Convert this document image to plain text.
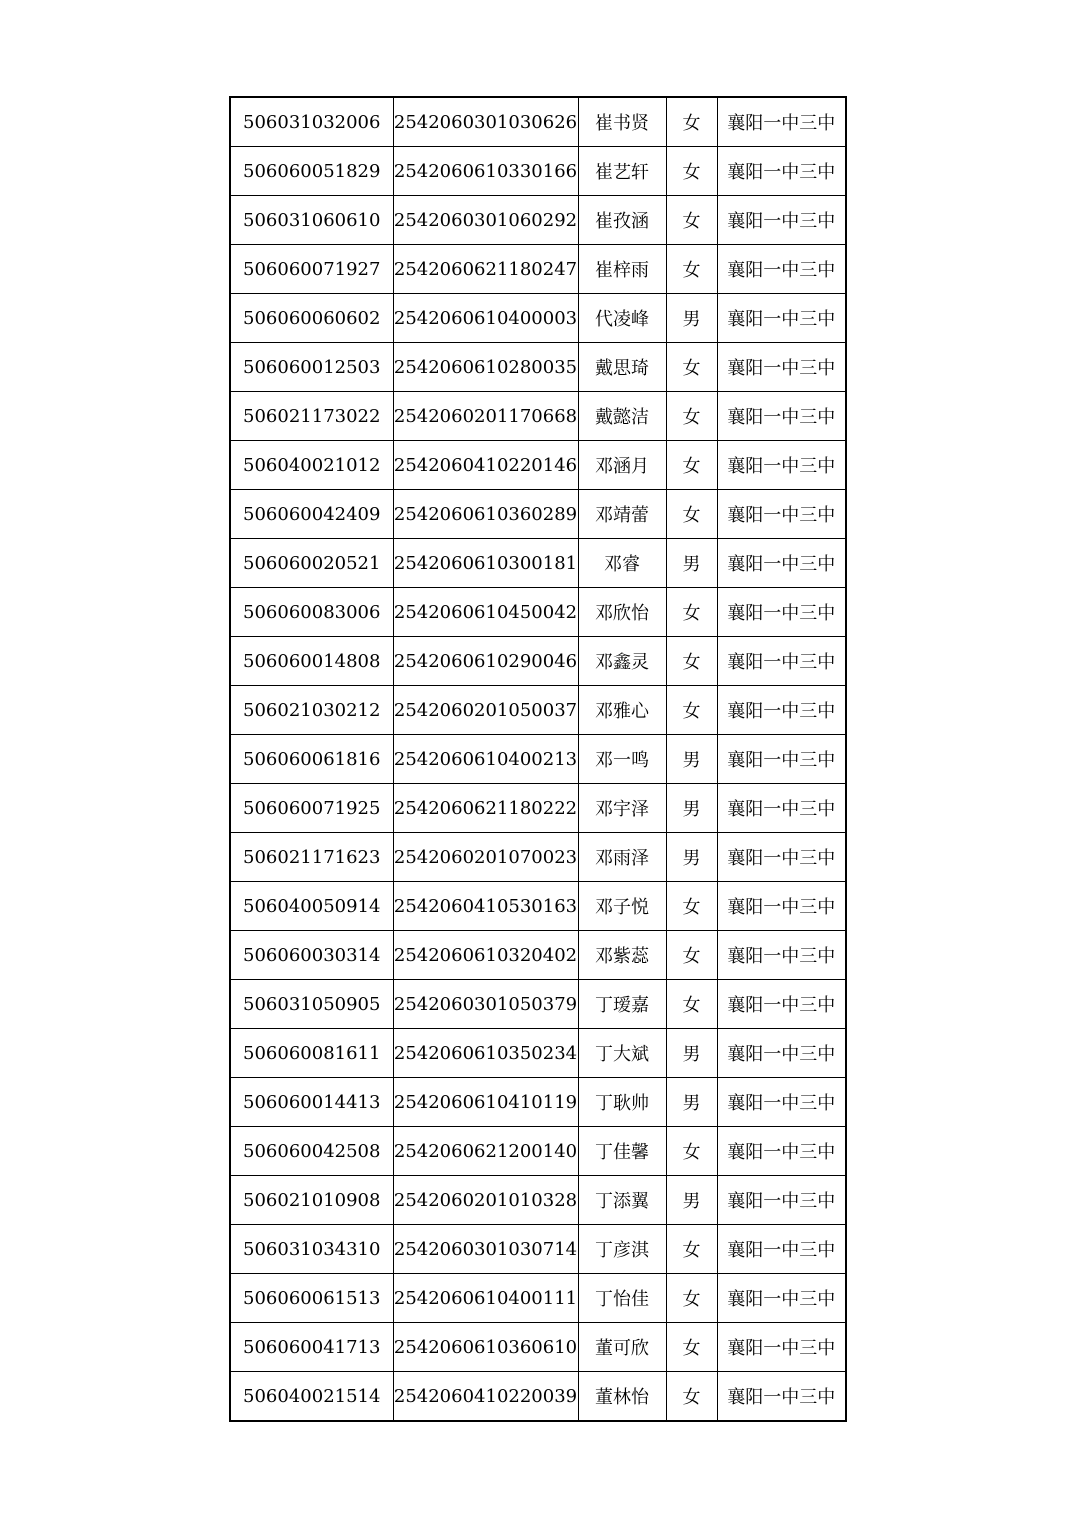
506031032006	2542060301030626	崔书贤	女	襄阳一中三中
506060051829	2542060610330166	崔艺轩	女	襄阳一中三中
506031060610	2542060301060292	崔孜涵	女	襄阳一中三中
506060071927	2542060621180247	崔梓雨	女	襄阳一中三中
506060060602	2542060610400003	代凌峰	男	襄阳一中三中
506060012503	2542060610280035	戴思琦	女	襄阳一中三中
506021173022	2542060201170668	戴懿洁	女	襄阳一中三中
506040021012	2542060410220146	邓涵月	女	襄阳一中三中
506060042409	2542060610360289	邓靖蕾	女	襄阳一中三中
506060020521	2542060610300181	邓睿	男	襄阳一中三中
506060083006	2542060610450042	邓欣怡	女	襄阳一中三中
506060014808	2542060610290046	邓鑫灵	女	襄阳一中三中
506021030212	2542060201050037	邓雅心	女	襄阳一中三中
506060061816	2542060610400213	邓一鸣	男	襄阳一中三中
506060071925	2542060621180222	邓宇泽	男	襄阳一中三中
506021171623	2542060201070023	邓雨泽	男	襄阳一中三中
506040050914	2542060410530163	邓子悦	女	襄阳一中三中
506060030314	2542060610320402	邓紫蕊	女	襄阳一中三中
506031050905	2542060301050379	丁瑷嘉	女	襄阳一中三中
506060081611	2542060610350234	丁大斌	男	襄阳一中三中
506060014413	2542060610410119	丁耿帅	男	襄阳一中三中
506060042508	2542060621200140	丁佳馨	女	襄阳一中三中
506021010908	2542060201010328	丁添翼	男	襄阳一中三中
506031034310	2542060301030714	丁彦淇	女	襄阳一中三中
506060061513	2542060610400111	丁怡佳	女	襄阳一中三中
506060041713	2542060610360610	董可欣	女	襄阳一中三中
506040021514	2542060410220039	董林怡	女	襄阳一中三中
